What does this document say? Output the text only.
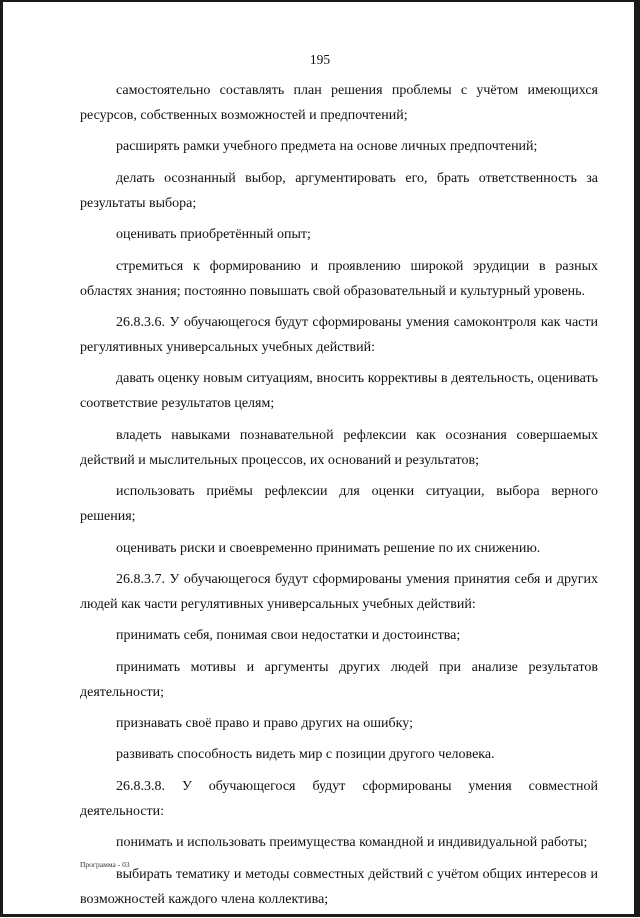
195

самостоятельно составлять план решения проблемы с учётом имеющихся ресурсов, собственных возможностей и предпочтений;

расширять рамки учебного предмета на основе личных предпочтений;

делать осознанный выбор, аргументировать его, брать ответственность за результаты выбора;

оценивать приобретённый опыт;

стремиться к формированию и проявлению широкой эрудиции в разных областях знания; постоянно повышать свой образовательный и культурный уровень.

26.8.3.6. У обучающегося будут сформированы умения самоконтроля как части регулятивных универсальных учебных действий:

давать оценку новым ситуациям, вносить коррективы в деятельность, оценивать соответствие результатов целям;

владеть навыками познавательной рефлексии как осознания совершаемых действий и мыслительных процессов, их оснований и результатов;

использовать приёмы рефлексии для оценки ситуации, выбора верного решения;

оценивать риски и своевременно принимать решение по их снижению.

26.8.3.7. У обучающегося будут сформированы умения принятия себя и других людей как части регулятивных универсальных учебных действий:

принимать себя, понимая свои недостатки и достоинства;

принимать мотивы и аргументы других людей при анализе результатов деятельности;

признавать своё право и право других на ошибку;

развивать способность видеть мир с позиции другого человека.

26.8.3.8. У обучающегося будут сформированы умения совместной деятельности:

понимать и использовать преимущества командной и индивидуальной работы;

выбирать тематику и методы совместных действий с учётом общих интересов и возможностей каждого члена коллектива;

Программа - 03
